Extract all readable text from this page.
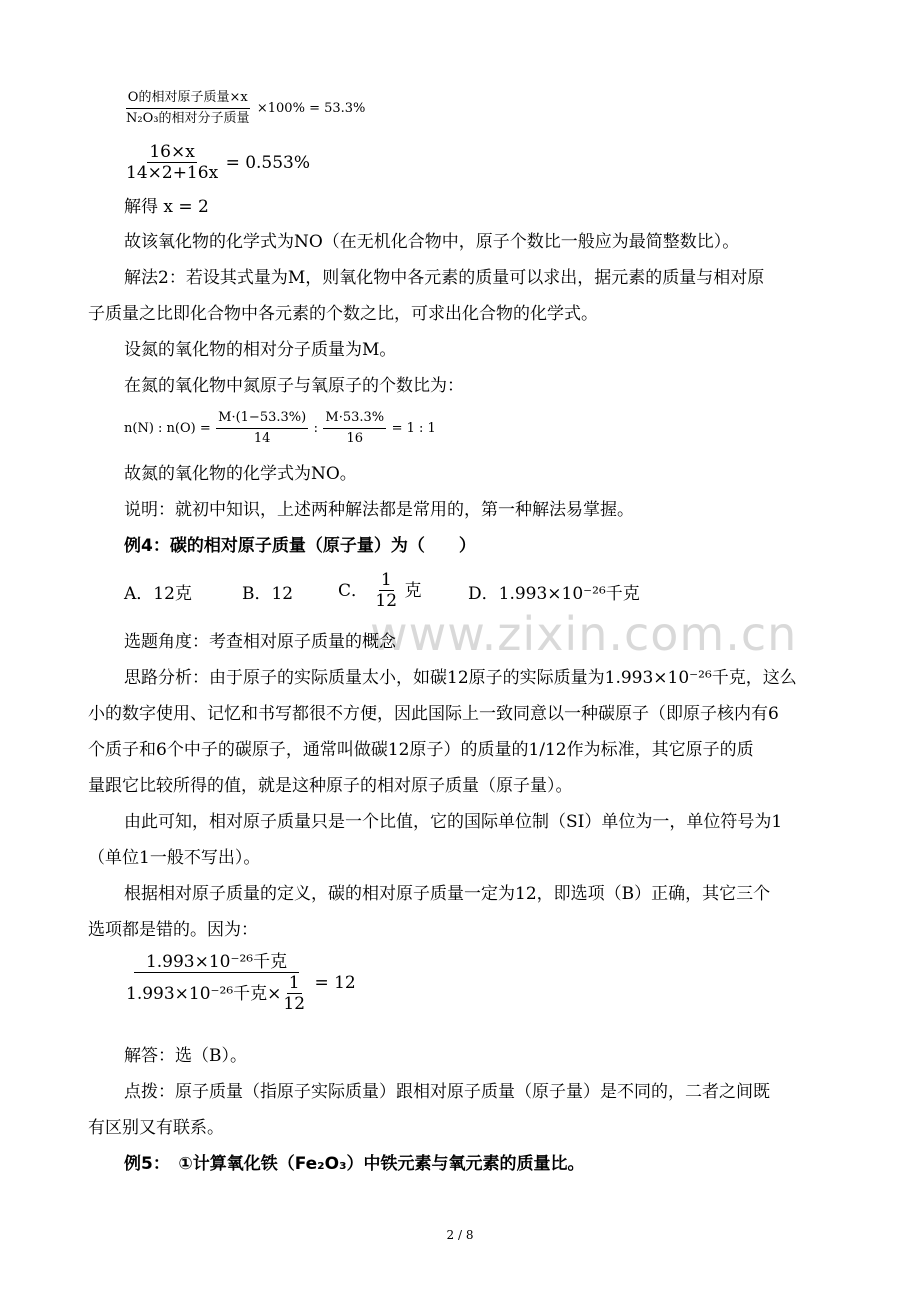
$\frac{\text{O的相对原子质量×x}}{\text{N₂O₃的相对分子质量}} \times 100\% = 53.3\%$
$\frac{16\times x}{14\times 2+16x} = 0.553\%$
解得 x = 2
故该氧化物的化学式为NO（在无机化合物中，原子个数比一般应为最简整数比）。
解法2：若设其式量为M，则氧化物中各元素的质量可以求出，据元素的质量与相对原
子质量之比即化合物中各元素的个数之比，可求出化合物的化学式。
设氮的氧化物的相对分子质量为M。
在氮的氧化物中氮原子与氧原子的个数比为：
n(N) : $n(O) = \frac{M\cdot(1-53.3\%)}{14}$ : $\frac{M\cdot 53.3\%}{16} = 1$ : 1
故氮的氧化物的化学式为NO。
说明：就初中知识，上述两种解法都是常用的，第一种解法易掌握。
例4：碳的相对原子质量（原子量）为（　　）
A．12克	B．12	C． $\frac{1}{12}$ 克	D．1.993×10⁻²⁶千克
www.zixin.com.cn
选题角度：考查相对原子质量的概念
思路分析：由于原子的实际质量太小，如碳12原子的实际质量为1.993×10⁻²⁶千克，这么
小的数字使用、记忆和书写都很不方便，因此国际上一致同意以一种碳原子（即原子核内有6
个质子和6个中子的碳原子，通常叫做碳12原子）的质量的1/12作为标准，其它原子的质
量跟它比较所得的值，就是这种原子的相对原子质量（原子量）。
由此可知，相对原子质量只是一个比值，它的国际单位制（SI）单位为一，单位符号为1
（单位1一般不写出）。
根据相对原子质量的定义，碳的相对原子质量一定为12，即选项（B）正确，其它三个
选项都是错的。因为：
$\frac{\text{1.993×10⁻²⁶千克}}{1.993\times 10^{-26}千克\times \frac{1}{12}} = 12$
解答：选（B）。
点拨：原子质量（指原子实际质量）跟相对原子质量（原子量）是不同的，二者之间既
有区别又有联系。
例5：　①计算氧化铁（Fe₂O₃）中铁元素与氧元素的质量比。
2 / 8
